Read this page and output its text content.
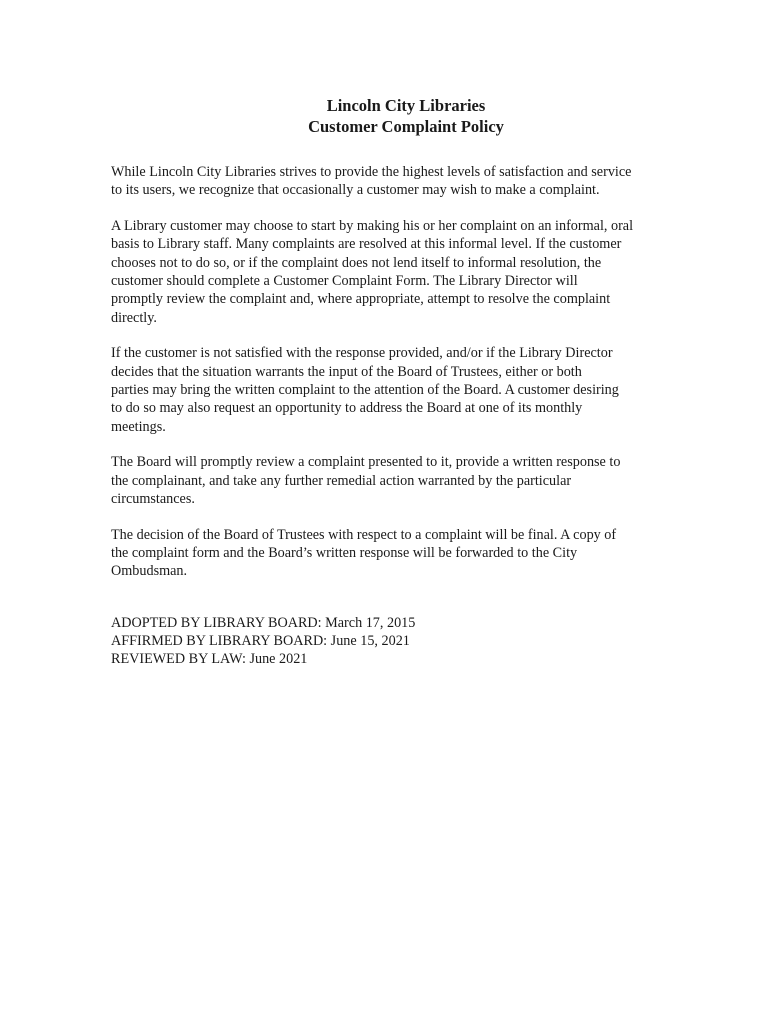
Lincoln City Libraries
Customer Complaint Policy

While Lincoln City Libraries strives to provide the highest levels of satisfaction and service
to its users, we recognize that occasionally a customer may wish to make a complaint.

A Library customer may choose to start by making his or her complaint on an informal, oral
basis to Library staff. Many complaints are resolved at this informal level. If the customer
chooses not to do so, or if the complaint does not lend itself to informal resolution, the
customer should complete a Customer Complaint Form. The Library Director will
promptly review the complaint and, where appropriate, attempt to resolve the complaint
directly.

If the customer is not satisfied with the response provided, and/or if the Library Director
decides that the situation warrants the input of the Board of Trustees, either or both
parties may bring the written complaint to the attention of the Board. A customer desiring
to do so may also request an opportunity to address the Board at one of its monthly
meetings.

The Board will promptly review a complaint presented to it, provide a written response to
the complainant, and take any further remedial action warranted by the particular
circumstances.

The decision of the Board of Trustees with respect to a complaint will be final. A copy of
the complaint form and the Board’s written response will be forwarded to the City
Ombudsman.

ADOPTED BY LIBRARY BOARD: March 17, 2015
AFFIRMED BY LIBRARY BOARD: June 15, 2021
REVIEWED BY LAW: June 2021
